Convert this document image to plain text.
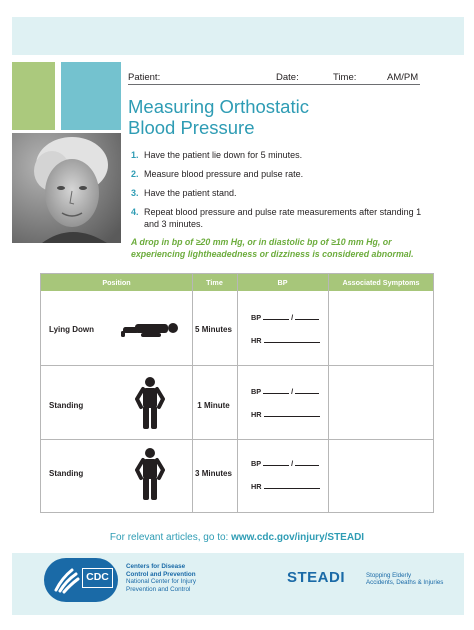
Patient:	Date:	Time:	AM/PM
Measuring Orthostatic
Blood Pressure
1. Have the patient lie down for 5 minutes.
2. Measure blood pressure and pulse rate.
3. Have the patient stand.
4. Repeat blood pressure and pulse rate measurements after standing 1 and 3 minutes.

A drop in bp of ≥20 mm Hg, or in diastolic bp of ≥10 mm Hg, or experiencing lightheadedness or dizziness is considered abnormal.

Position	Time	BP	Associated Symptoms
Lying Down	5 Minutes
BP	/
HR
Standing	1 Minute
BP	/
HR
Standing	3 Minutes
BP	/
HR
For relevant articles, go to: www.cdc.gov/injury/STEADI
CDC
Centers for Disease
Control and Prevention
National Center for Injury
Prevention and Control
STEADI	Stopping Elderly
Accidents, Deaths & Injuries
